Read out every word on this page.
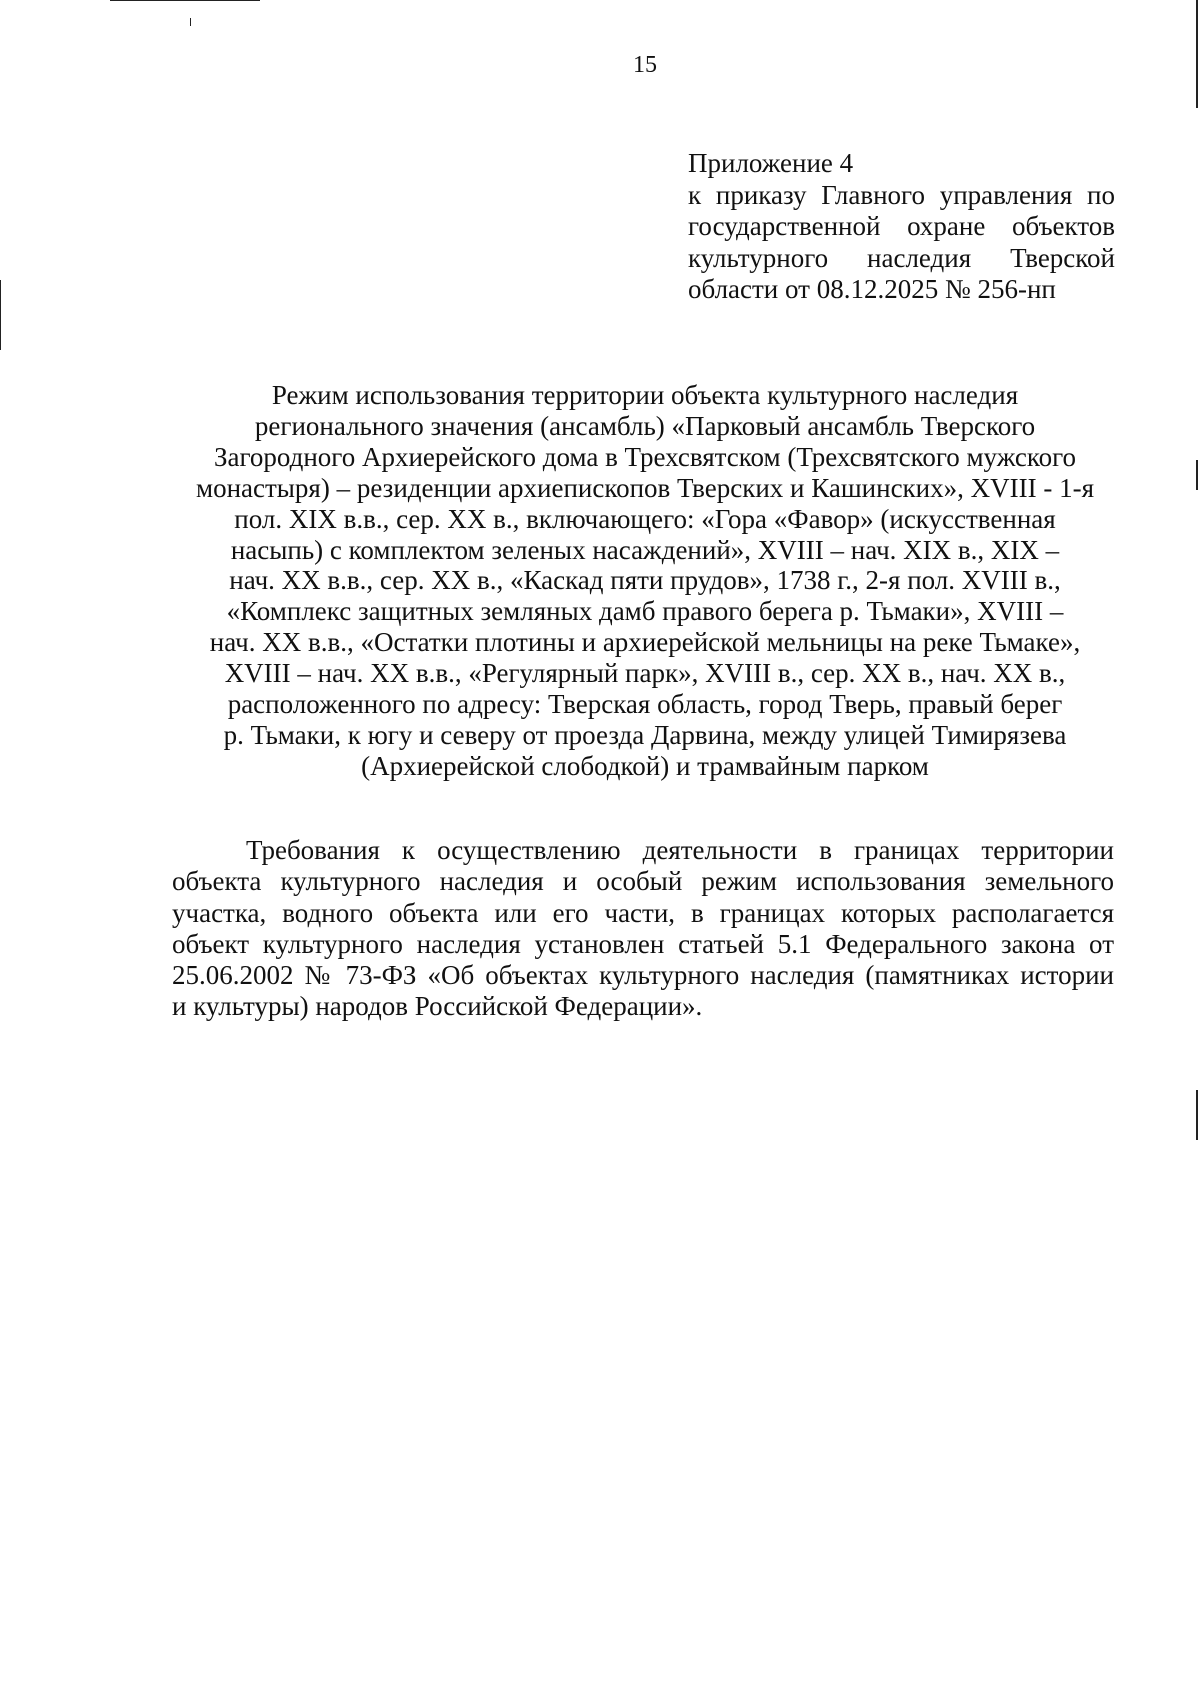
15
Приложение 4
к приказу Главного управления по
государственной охране объектов
культурного наследия Тверской
области от 08.12.2025 № 256-нп
Режим использования территории объекта культурного наследия
регионального значения (ансамбль) «Парковый ансамбль Тверского
Загородного Архиерейского дома в Трехсвятском (Трехсвятского мужского
монастыря) – резиденции архиепископов Тверских и Кашинских», XVIII - 1-я
пол. XIX в.в., сер. XX в., включающего: «Гора «Фавор» (искусственная
насыпь) с комплектом зеленых насаждений», XVIII – нач. XIX в., XIX –
нач. XX в.в., сер. XX в., «Каскад пяти прудов», 1738 г., 2-я пол. XVIII в.,
«Комплекс защитных земляных дамб правого берега р. Тьмаки», XVIII –
нач. XX в.в., «Остатки плотины и архиерейской мельницы на реке Тьмаке»,
XVIII – нач. XX в.в., «Регулярный парк», XVIII в., сер. XX в., нач. XX в.,
расположенного по адресу: Тверская область, город Тверь, правый берег
р. Тьмаки, к югу и северу от проезда Дарвина, между улицей Тимирязева
(Архиерейской слободкой) и трамвайным парком
Требования к осуществлению деятельности в границах территории
объекта культурного наследия и особый режим использования земельного
участка, водного объекта или его части, в границах которых располагается
объект культурного наследия установлен статьей 5.1 Федерального закона от
25.06.2002 № 73-ФЗ «Об объектах культурного наследия (памятниках истории
и культуры) народов Российской Федерации».
